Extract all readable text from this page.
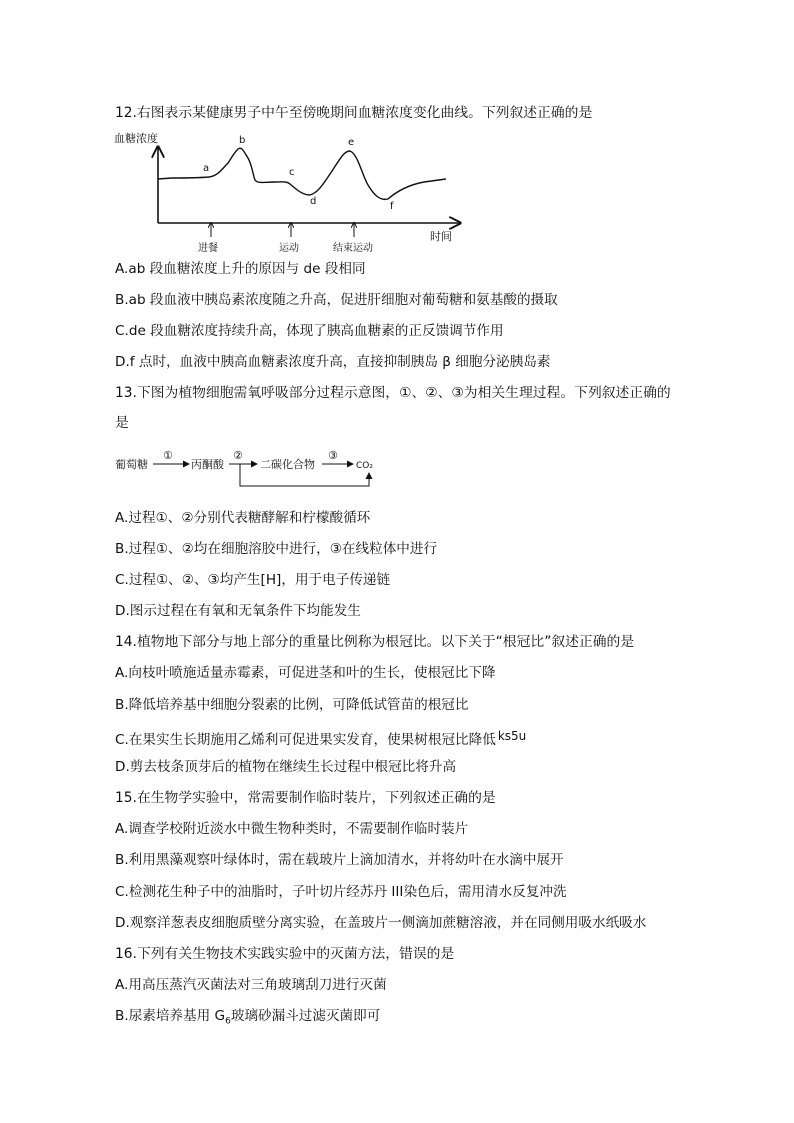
12.右图表示某健康男子中午至傍晚期间血糖浓度变化曲线。下列叙述正确的是
血糖浓度
时间
a
b
c
d
e
f
进餐	运动	结束运动
A.ab 段血糖浓度上升的原因与 de 段相同
B.ab 段血液中胰岛素浓度随之升高，促进肝细胞对葡萄糖和氨基酸的摄取
C.de 段血糖浓度持续升高，体现了胰高血糖素的正反馈调节作用
D.f 点时，血液中胰高血糖素浓度升高，直接抑制胰岛 β 细胞分泌胰岛素
13.下图为植物细胞需氧呼吸部分过程示意图，①、②、③为相关生理过程。下列叙述正确的
是
葡萄糖
①
丙酮酸
②
二碳化合物
③
CO₂
A.过程①、②分别代表糖酵解和柠檬酸循环
B.过程①、②均在细胞溶胶中进行，③在线粒体中进行
C.过程①、②、③均产生[H]，用于电子传递链
D.图示过程在有氧和无氧条件下均能发生
14.植物地下部分与地上部分的重量比例称为根冠比。以下关于“根冠比”叙述正确的是
A.向枝叶喷施适量赤霉素，可促进茎和叶的生长，使根冠比下降
B.降低培养基中细胞分裂素的比例，可降低试管苗的根冠比
C.在果实生长期施用乙烯利可促进果实发育，使果树根冠比降低 ks5u
D.剪去枝条顶芽后的植物在继续生长过程中根冠比将升高
15.在生物学实验中，常需要制作临时装片，下列叙述正确的是
A.调查学校附近淡水中微生物种类时，不需要制作临时装片
B.利用黑藻观察叶绿体时，需在载玻片上滴加清水，并将幼叶在水滴中展开
C.检测花生种子中的油脂时，子叶切片经苏丹 III染色后，需用清水反复冲洗
D.观察洋葱表皮细胞质壁分离实验，在盖玻片一侧滴加蔗糖溶液，并在同侧用吸水纸吸水
16.下列有关生物技术实践实验中的灭菌方法，错误的是
A.用高压蒸汽灭菌法对三角玻璃刮刀进行灭菌
B.尿素培养基用 $G_6$玻璃砂漏斗过滤灭菌即可
